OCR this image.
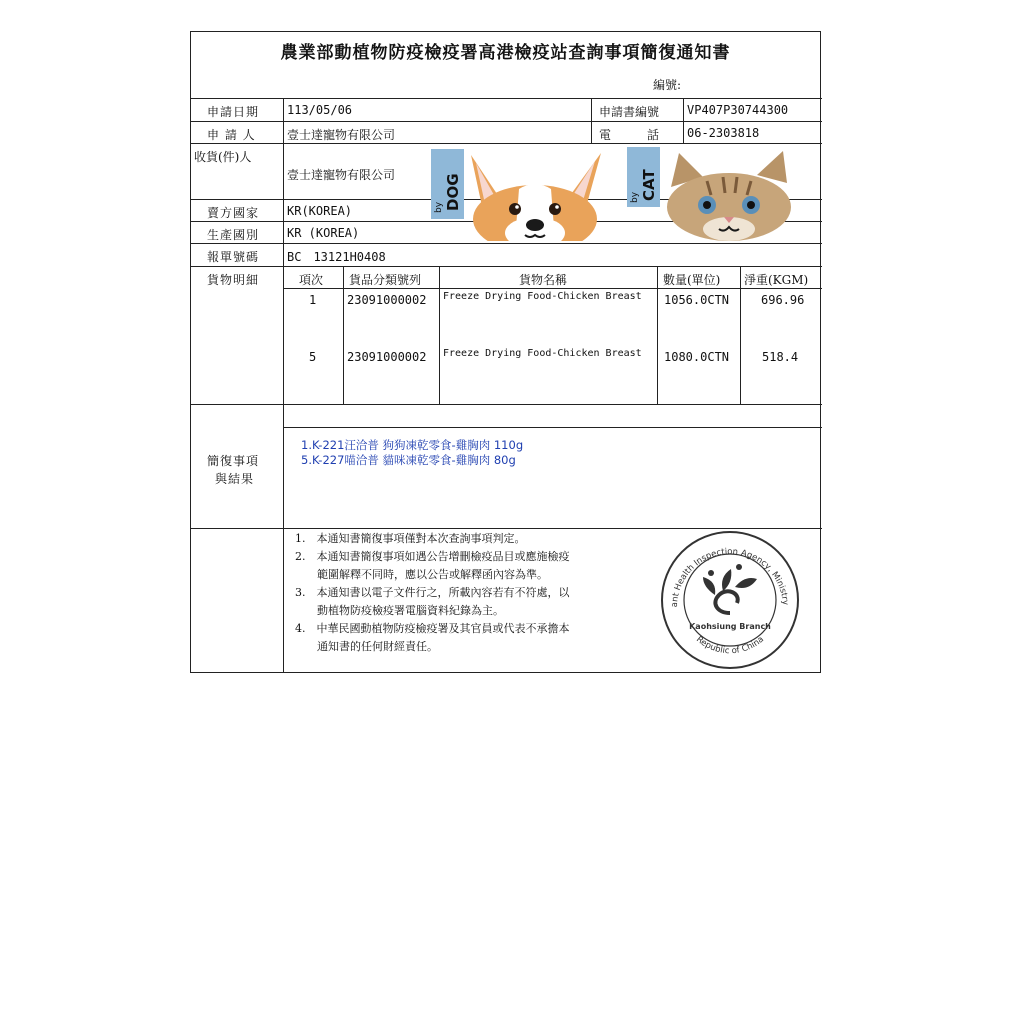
農業部動植物防疫檢疫署高港檢疫站查詢事項簡復通知書
編號:
申請日期 113/05/06	申請書編號 VP407P30744300
申 請 人	壹士達寵物有限公司	電　　　話 06-2303818
收貨(件)人
壹士達寵物有限公司
by DOG	by CAT
賣方國家 KR(KOREA)
生產國別 KR (KOREA)
報單號碼 BC　13121H0408
貨物明細	項次 貨品分類號列	貨物名稱	數量(單位) 淨重(KGM)
1	23091000002 Freeze Drying Food-Chicken Breast 1056.0CTN	696.96
5	23091000002 Freeze Drying Food-Chicken Breast 1080.0CTN	518.4
簡復事項
與結果
1.K-221汪洽普 狗狗凍乾零食-雞胸肉 110g
5.K-227喵洽普 貓咪凍乾零食-雞胸肉 80g
1.　本通知書簡復事項僅對本次查詢事項判定。
2.　本通知書簡復事項如遇公告增刪檢疫品目或應施檢疫
　　範圍解釋不同時，應以公告或解釋函內容為準。
3.　本通知書以電子文件行之，所載內容若有不符處，以
　　動植物防疫檢疫署電腦資料紀錄為主。
4.　中華民國動植物防疫檢疫署及其官員或代表不承擔本
　　通知書的任何財經責任。
ant Health Inspection Agency, Ministry
Republic of China
Kaohsiung Branch
